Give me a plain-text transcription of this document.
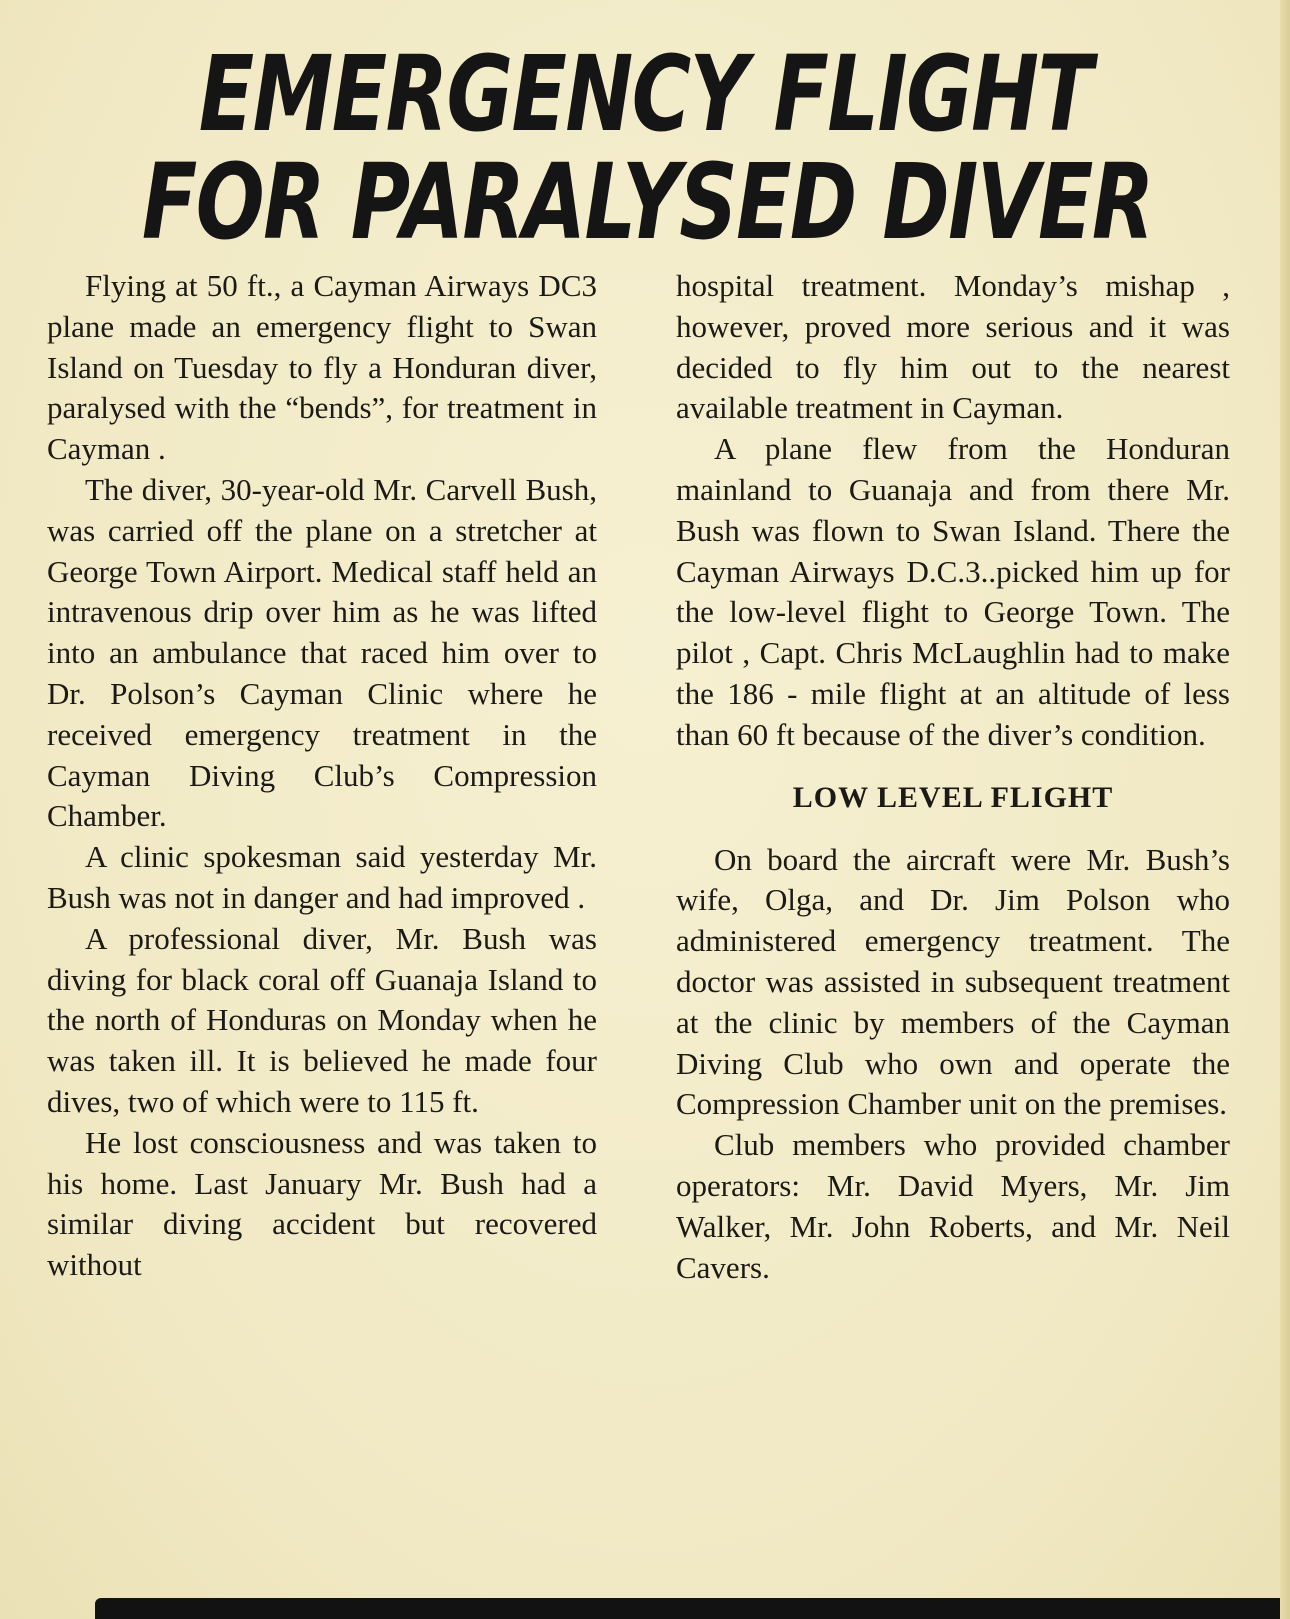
EMERGENCY FLIGHT
FOR PARALYSED DIVER

Flying at 50 ft., a Cayman Airways DC3 plane made an emergency flight to Swan Island on Tuesday to fly a Honduran diver, paralysed with the “bends”, for treatment in Cayman .

The diver, 30-year-old Mr. Carvell Bush, was carried off the plane on a stretcher at George Town Airport. Medical staff held an intravenous drip over him as he was lifted into an ambulance that raced him over to Dr. Polson’s Cayman Clinic where he received emergency treatment in the Cayman Diving Club’s Compression Chamber.

A clinic spokesman said yesterday Mr. Bush was not in danger and had improved .

A professional diver, Mr. Bush was diving for black coral off Guanaja Island to the north of Honduras on Monday when he was taken ill. It is believed he made four dives, two of which were to 115 ft.

He lost consciousness and was taken to his home. Last January Mr. Bush had a similar diving accident but recovered without

hospital treatment. Monday’s mishap , however, proved more serious and it was decided to fly him out to the nearest available treatment in Cayman.

A plane flew from the Honduran mainland to Guanaja and from there Mr. Bush was flown to Swan Island. There the Cayman Airways D.C.3..picked him up for the low-level flight to George Town. The pilot , Capt. Chris McLaughlin had to make the 186 - mile flight at an altitude of less than 60 ft because of the diver’s condition.

LOW LEVEL FLIGHT

On board the aircraft were Mr. Bush’s wife, Olga, and Dr. Jim Polson who administered emergency treatment. The doctor was assisted in subsequent treatment at the clinic by members of the Cayman Diving Club who own and operate the Compression Chamber unit on the premises.

Club members who provided chamber operators: Mr. David Myers, Mr. Jim Walker, Mr. John Roberts, and Mr. Neil Cavers.
